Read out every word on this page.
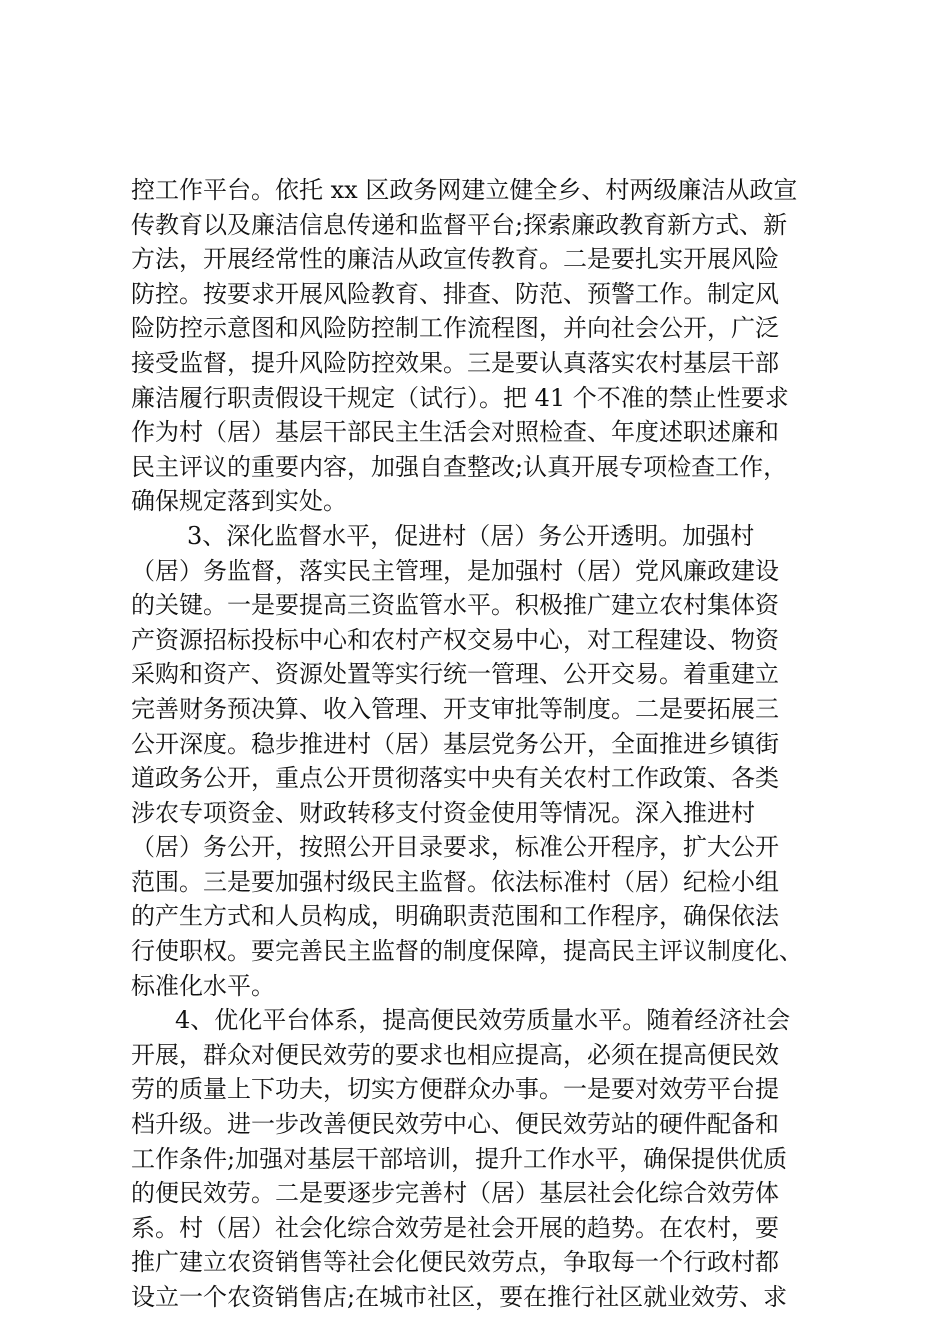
控工作平台。依托 xx 区政务网建立健全乡、村两级廉洁从政宣
传教育以及廉洁信息传递和监督平台;探索廉政教育新方式、新
方法，开展经常性的廉洁从政宣传教育。二是要扎实开展风险
防控。按要求开展风险教育、排查、防范、预警工作。制定风
险防控示意图和风险防控制工作流程图，并向社会公开，广泛
接受监督，提升风险防控效果。三是要认真落实农村基层干部
廉洁履行职责假设干规定（试行）。把 41 个不准的禁止性要求
作为村（居）基层干部民主生活会对照检查、年度述职述廉和
民主评议的重要内容，加强自查整改;认真开展专项检查工作，
确保规定落到实处。
3、深化监督水平，促进村（居）务公开透明。加强村
（居）务监督，落实民主管理，是加强村（居）党风廉政建设
的关键。一是要提高三资监管水平。积极推广建立农村集体资
产资源招标投标中心和农村产权交易中心，对工程建设、物资
采购和资产、资源处置等实行统一管理、公开交易。着重建立
完善财务预决算、收入管理、开支审批等制度。二是要拓展三
公开深度。稳步推进村（居）基层党务公开，全面推进乡镇街
道政务公开，重点公开贯彻落实中央有关农村工作政策、各类
涉农专项资金、财政转移支付资金使用等情况。深入推进村
（居）务公开，按照公开目录要求，标准公开程序，扩大公开
范围。三是要加强村级民主监督。依法标准村（居）纪检小组
的产生方式和人员构成，明确职责范围和工作程序，确保依法
行使职权。要完善民主监督的制度保障，提高民主评议制度化、
标准化水平。
4、优化平台体系，提高便民效劳质量水平。随着经济社会
开展，群众对便民效劳的要求也相应提高，必须在提高便民效
劳的质量上下功夫，切实方便群众办事。一是要对效劳平台提
档升级。进一步改善便民效劳中心、便民效劳站的硬件配备和
工作条件;加强对基层干部培训，提升工作水平，确保提供优质
的便民效劳。二是要逐步完善村（居）基层社会化综合效劳体
系。村（居）社会化综合效劳是社会开展的趋势。在农村，要
推广建立农资销售等社会化便民效劳点，争取每一个行政村都
设立一个农资销售店;在城市社区，要在推行社区就业效劳、求
